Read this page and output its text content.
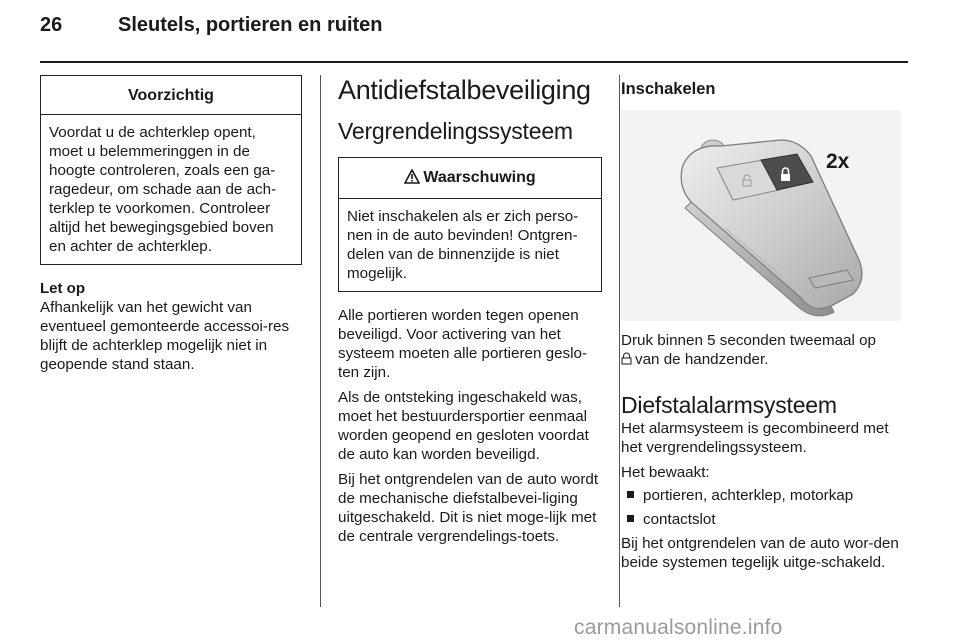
26	Sleutels, portieren en ruiten
Voorzichtig
Voordat u de achterklep opent, moet u belemmeringgen in de hoogte controleren, zoals een ga-ragedeur, om schade aan de ach-terklep te voorkomen. Controleer altijd het bewegingsgebied boven en achter de achterklep.

Let op

Afhankelijk van het gewicht van eventueel gemonteerde accessoi-res blijft de achterklep mogelijk niet in geopende stand staan.

Antidiefstalbeveiliging
Vergrendelingssysteem
Waarschuwing
Niet inschakelen als er zich perso-nen in de auto bevinden! Ontgren-delen van de binnenzijde is niet mogelijk.

Alle portieren worden tegen openen beveiligd. Voor activering van het systeem moeten alle portieren geslo-ten zijn.

Als de ontsteking ingeschakeld was, moet het bestuurdersportier eenmaal worden geopend en gesloten voordat de auto kan worden beveiligd.

Bij het ontgrendelen van de auto wordt de mechanische diefstalbevei-liging uitgeschakeld. Dit is niet moge-lijk met de centrale vergrendelings-toets.

Inschakelen
2x

Druk binnen 5 seconden tweemaal op
van de handzender.

Diefstalalarmsysteem

Het alarmsysteem is gecombineerd met het vergrendelingssysteem.

Het bewaakt:

portieren, achterklep, motorkap
contactslot

Bij het ontgrendelen van de auto wor-den beide systemen tegelijk uitge-schakeld.

carmanualsonline.info
